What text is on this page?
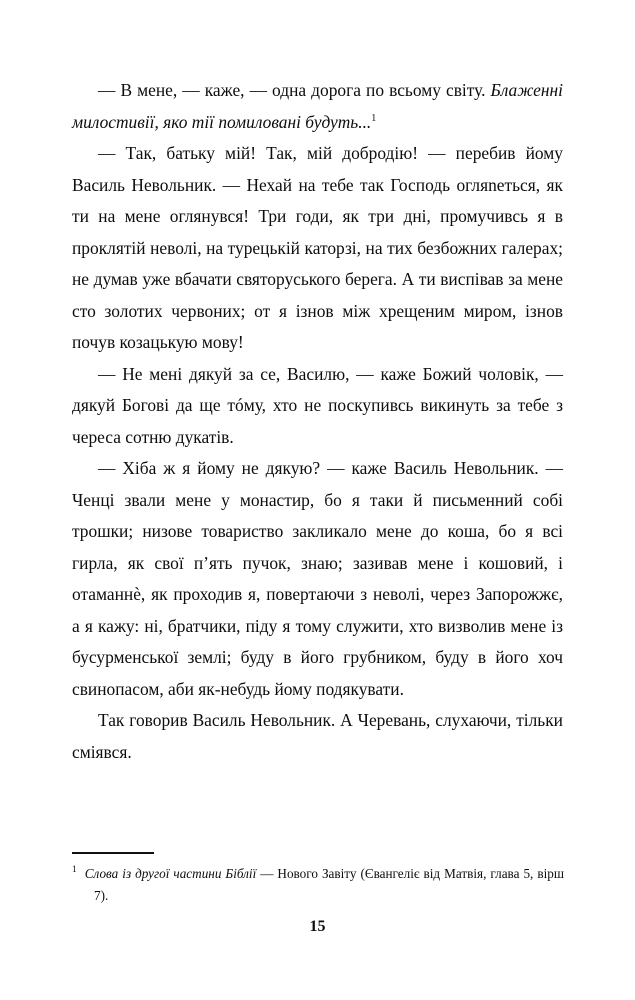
— В мене, — каже, — одна дорога по всьому світу. Блаженні милостивії, яко тії помиловані будуть...$^1$

— Так, батьку мій! Так, мій добродію! — перебив йому Василь Невольник. — Нехай на тебе так Господь огляneться, як ти на мене оглянувся! Три годи, як три дні, промучивсь я в проклятій неволі, на турецькій каторзі, на тих безбожних галерах; не думав уже вбачати святоруського берега. А ти виспівав за мене сто золотих червоних; от я ізнов між хрещеним миром, ізнов почув козацькую мову!

— Не мені дякуй за се, Василю, — каже Божий чоловік, — дякуй Богові да ще тóму, хто не поскупивсь викинуть за тебе з череса сотню дукатів.

— Хіба ж я йому не дякую? — каже Василь Невольник. — Ченці звали мене у монастир, бо я таки й письменний собі трошки; низове товариство закликало мене до коша, бо я всі гирла, як свої п’ять пучок, знаю; зазивав мене і кошовий, і отаманнѐ, як проходив я, повертаючи з неволі, через Запорожжє, а я кажу: ні, братчики, піду я тому служити, хто визволив мене із бусурменської землі; буду в його грубником, буду в його хоч свинопасом, аби як-небудь йому подякувати.

Так говорив Василь Невольник. А Черевань, слухаючи, тільки сміявся.

$^1$ Слова із другої частини Біблії — Нового Завіту (Євангеліє від Матвія, глава 5, вірш 7).
15
